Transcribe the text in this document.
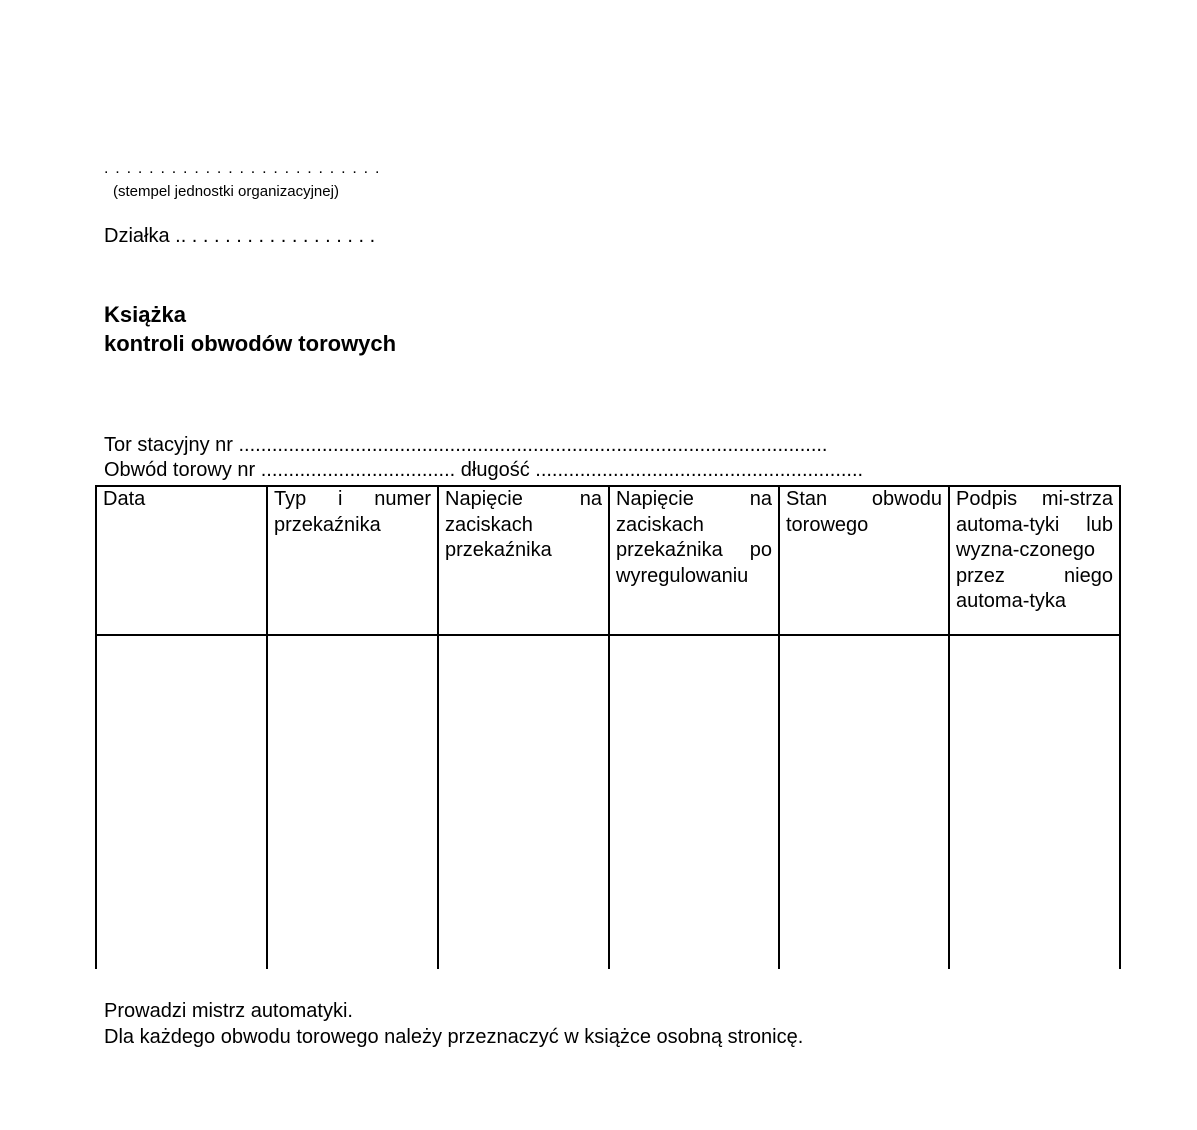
. . . . . . . . . . . . . . . . . . . . . . . . .
(stempel jednostki organizacyjnej)
Działka .. . . . . . . . . . . . . . . . . .
Książka
kontroli obwodów torowych
Tor stacyjny nr ..........................................................................................................
Obwód torowy nr ................................... długość ...........................................................
Data	Typ i numer przekaźnika	Napięcie na zaciskach przekaźnika	Napięcie na zaciskach przekaźnika po wyregulowaniu	Stan obwodu torowego	Podpis mi-strza automa-tyki lub wyzna-czonego przez niego automa-tyka

Prowadzi mistrz automatyki.
Dla każdego obwodu torowego należy przeznaczyć w książce osobną stronicę.
